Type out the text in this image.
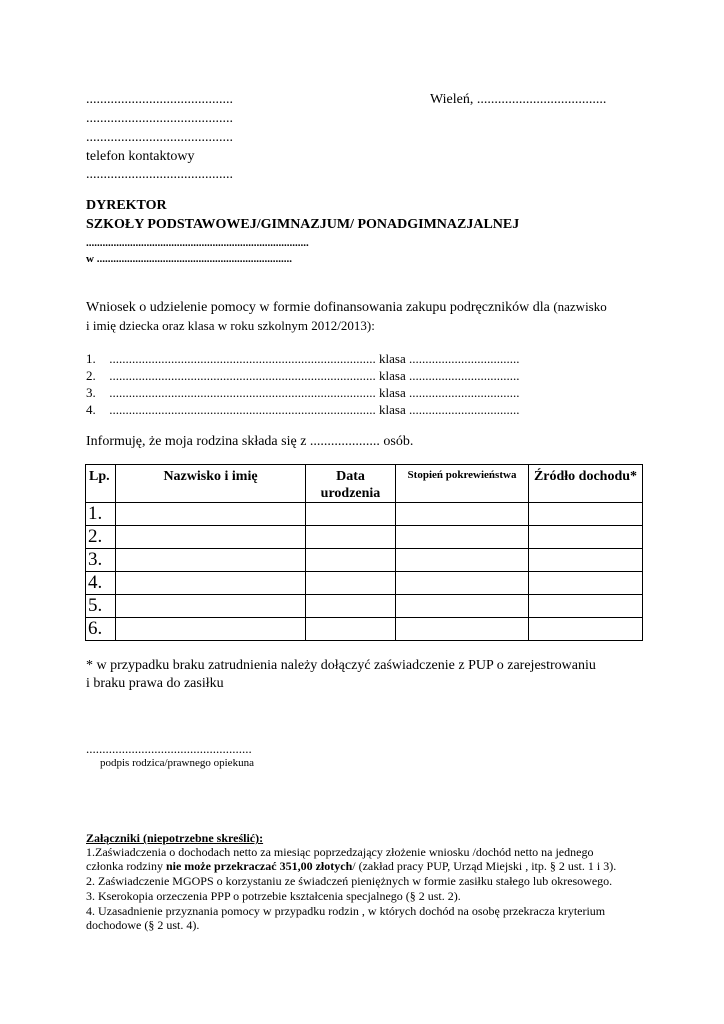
..........................................
..........................................
..........................................
telefon kontaktowy
..........................................
Wieleń, .....................................
DYREKTOR
SZKOŁY PODSTAWOWEJ/GIMNAZJUM/ PONADGIMNAZJALNEJ
.................................................................................
w .......................................................................
Wniosek o udzielenie pomocy w formie dofinansowania zakupu podręczników dla (nazwisko
i imię dziecka oraz klasa w roku szkolnym 2012/2013):
1. .................................................................................. klasa ..................................
2. .................................................................................. klasa ..................................
3. .................................................................................. klasa ..................................
4. .................................................................................. klasa ..................................
Informuję, że moja rodzina składa się z .................... osób.
Lp.	Nazwisko i imię	Data urodzenia	Stopień pokrewieństwa	Źródło dochodu*
1.				
2.				
3.				
4.				
5.				
6.				
* w przypadku braku zatrudnienia należy dołączyć zaświadczenie z PUP o zarejestrowaniu
i braku prawa do zasiłku
...................................................
podpis rodzica/prawnego opiekuna
Załączniki (niepotrzebne skreślić):
1.Zaświadczenia o dochodach netto za miesiąc poprzedzający złożenie wniosku /dochód netto na jednego
członka rodziny nie może przekraczać 351,00 złotych/ (zakład pracy PUP, Urząd Miejski , itp. § 2 ust. 1 i 3).
2. Zaświadczenie MGOPS o korzystaniu ze świadczeń pieniężnych w formie zasiłku stałego lub okresowego.
3. Kserokopia orzeczenia PPP o potrzebie kształcenia specjalnego (§ 2 ust. 2).
4. Uzasadnienie przyznania pomocy w przypadku rodzin , w których dochód na osobę przekracza kryterium
dochodowe (§ 2 ust. 4).
